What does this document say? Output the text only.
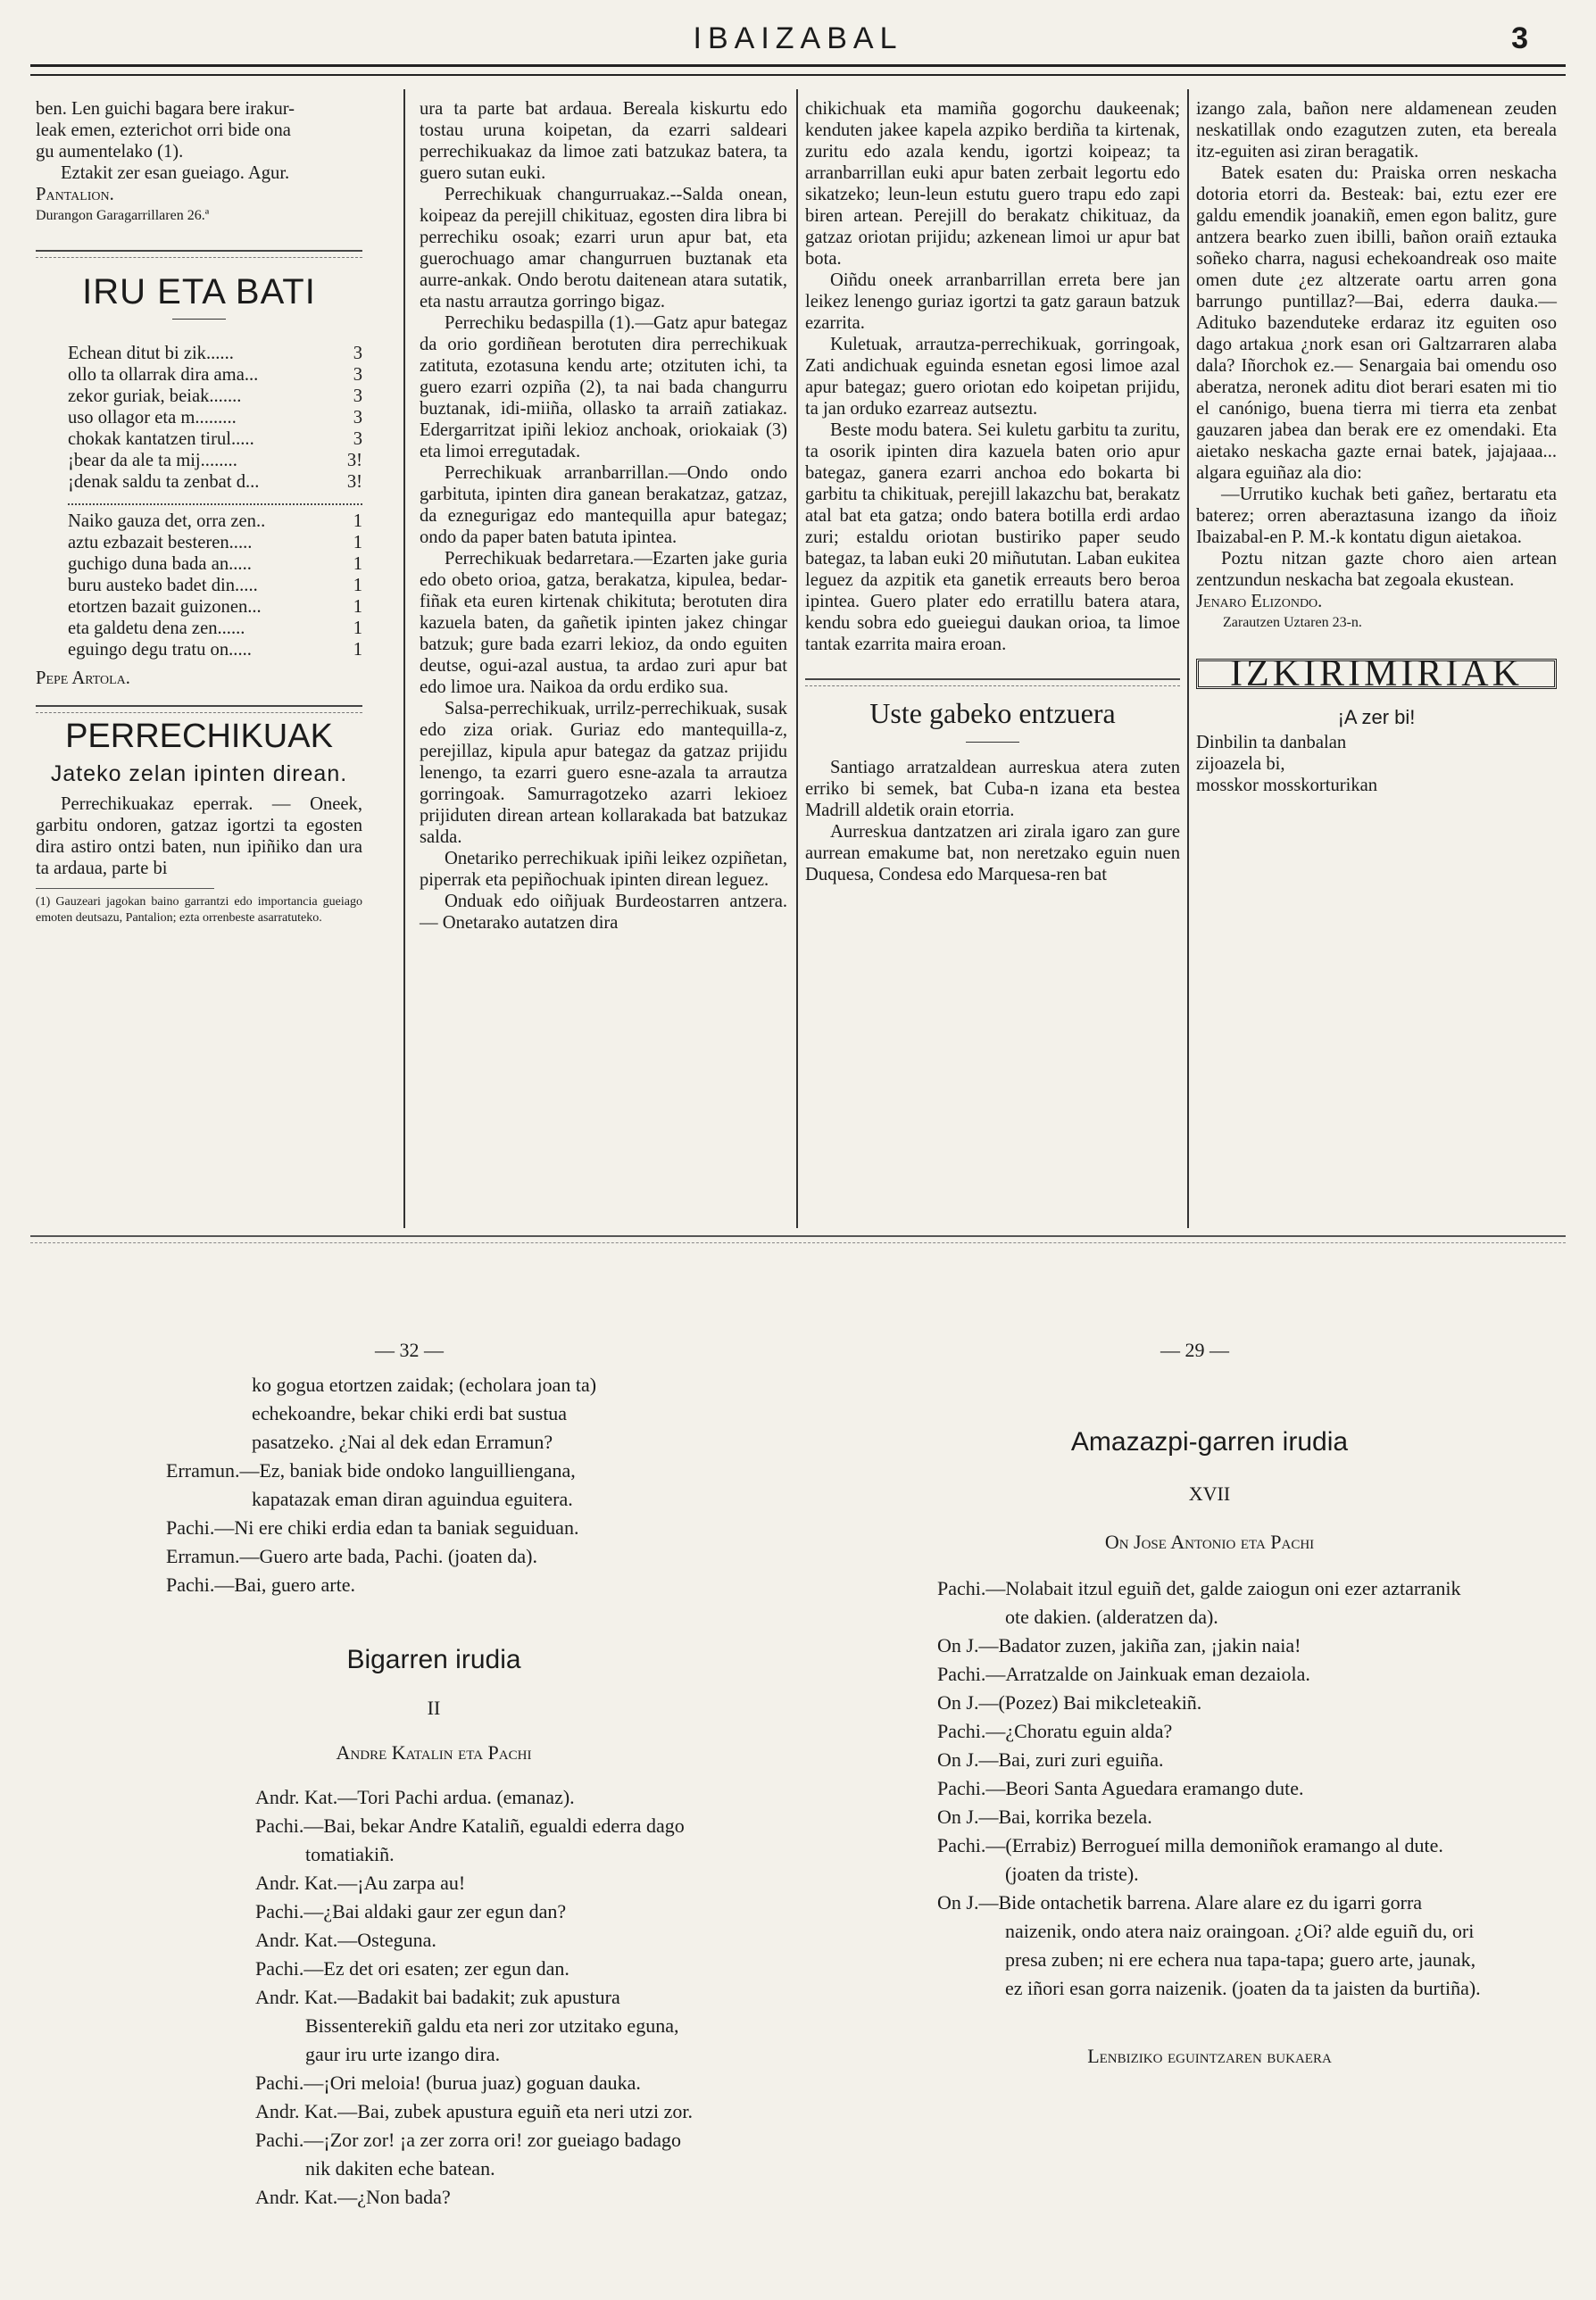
IBAIZABAL	3

ben. Len guichi bagara bere irakur-

leak emen, ezterichot orri bide ona

gu aumentelako (1).

Eztakit zer esan gueiago. Agur.

Pantalion.

Durangon Garagarrillaren 26.ª

IRU ETA BATI
Echean ditut bi zik......	3
ollo ta ollarrak dira ama...	3
zekor guriak, beiak.......	3
uso ollagor eta m.........	3
chokak kantatzen tirul.....	3
¡bear da ale ta mij........	3!
¡denak saldu ta zenbat d...	3!
Naiko gauza det, orra zen..	1
aztu ezbazait besteren.....	1
guchigo duna bada an.....	1
buru austeko badet din.....	1
etortzen bazait guizonen...	1
eta galdetu dena zen......	1
eguingo degu tratu on.....	1

Pepe Artola.

PERRECHIKUAK
Jateko zelan ipinten direan.

Perrechikuakaz eperrak. — Oneek, garbitu ondoren, gatzaz igortzi ta egosten dira astiro ontzi baten, nun ipiñiko dan ura ta ardaua, parte bi

(1) Gauzeari jagokan baino garrantzi edo importancia gueiago emoten deutsazu, Pantalion; ezta orrenbeste asarratuteko.

ura ta parte bat ardaua. Bereala kiskurtu edo tostau uruna koipetan, da ezarri saldeari perrechikuakaz da limoe zati batzukaz batera, ta guero sutan euki.

Perrechikuak changurruakaz.--Salda onean, koipeaz da perejill chikituaz, egosten dira libra bi perrechiku osoak; ezarri urun apur bat, eta guerochuago amar changurruen buztanak eta aurre-ankak. Ondo berotu daitenean atara sutatik, eta nastu arrautza gorringo bigaz.

Perrechiku bedaspilla (1).—Gatz apur bategaz da orio gordiñean berotuten dira perrechikuak zatituta, ezotasuna kendu arte; otzituten ichi, ta guero ezarri ozpiña (2), ta nai bada changurru buztanak, idi-miiña, ollasko ta arraiñ zatiakaz. Edergarritzat ipiñi lekioz anchoak, oriokaiak (3) eta limoi erregutadak.

Perrechikuak arranbarrillan.—Ondo ondo garbituta, ipinten dira ganean berakatzaz, gatzaz, da eznegurigaz edo mantequilla apur bategaz; ondo da paper baten batuta ipintea.

Perrechikuak bedarretara.—Ezarten jake guria edo obeto orioa, gatza, berakatza, kipulea, bedar-fiñak eta euren kirtenak chikituta; berotuten dira kazuela baten, da gañetik ipinten jakez chingar batzuk; gure bada ezarri lekioz, da ondo eguiten deutse, ogui-azal austua, ta ardao zuri apur bat edo limoe ura. Naikoa da ordu erdiko sua.

Salsa-perrechikuak, urrilz-perrechikuak, susak edo ziza oriak. Guriaz edo mantequilla-z, perejillaz, kipula apur bategaz da gatzaz prijidu lenengo, ta ezarri guero esne-azala ta arrautza gorringoak. Samurragotzeko azarri lekioez prijiduten direan artean kollarakada bat batzukaz salda.

Onetariko perrechikuak ipiñi leikez ozpiñetan, piperrak eta pepiñochuak ipinten direan leguez.

Onduak edo oiñjuak Burdeostarren antzera. — Onetarako autatzen dira

chikichuak eta mamiña gogorchu daukeenak; kenduten jakee kapela azpiko berdiña ta kirtenak, zuritu edo azala kendu, igortzi koipeaz; ta arranbarrillan euki apur baten zerbait legortu edo sikatzeko; leun-leun estutu guero trapu edo zapi biren artean. Perejill do berakatz chikituaz, da gatzaz oriotan prijidu; azkenean limoi ur apur bat bota.

Oiñdu oneek arranbarrillan erreta bere jan leikez lenengo guriaz igortzi ta gatz garaun batzuk ezarrita.

Kuletuak, arrautza-perrechikuak, gorringoak, Zati andichuak eguinda esnetan egosi limoe azal apur bategaz; guero oriotan edo koipetan prijidu, ta jan orduko ezarreaz autseztu.

Beste modu batera. Sei kuletu garbitu ta zuritu, ta osorik ipinten dira kazuela baten orio apur bategaz, ganera ezarri anchoa edo bokarta bi garbitu ta chikituak, perejill lakazchu bat, berakatz atal bat eta gatza; ondo batera botilla erdi ardao zuri; estaldu oriotan bustiriko paper seudo bategaz, ta laban euki 20 miñututan. Laban eukitea leguez da azpitik eta ganetik erreauts bero beroa ipintea. Guero plater edo erratillu batera atara, kendu sobra edo gueiegui daukan orioa, ta limoe tantak ezarrita maira eroan.

Uste gabeko entzuera

Santiago arratzaldean aurreskua atera zuten erriko bi semek, bat Cuba-n izana eta bestea Madrill aldetik orain etorria.

Aurreskua dantzatzen ari zirala igaro zan gure aurrean emakume bat, non neretzako eguin nuen Duquesa, Condesa edo Marquesa-ren bat

izango zala, bañon nere aldamenean zeuden neskatillak ondo ezagutzen zuten, eta bereala itz-eguiten asi ziran beragatik.

Batek esaten du: Praiska orren neskacha dotoria etorri da. Besteak: bai, eztu ezer ere galdu emendik joanakiñ, emen egon balitz, gure antzera bearko zuen ibilli, bañon oraiñ eztauka soñeko charra, nagusi echekoandreak oso maite omen dute ¿ez altzerate oartu arren gona barrungo puntillaz?—Bai, ederra dauka.—Adituko bazenduteke erdaraz itz eguiten oso dago artakua ¿nork esan ori Galtzarraren alaba dala? Iñorchok ez.— Senargaia bai omendu oso aberatza, neronek aditu diot berari esaten mi tio el canónigo, buena tierra mi tierra eta zenbat gauzaren jabea dan berak ere ez omendaki. Eta aietako neskacha gazte ernai batek, jajajaaa... algara eguiñaz ala dio:

—Urrutiko kuchak beti gañez, bertaratu eta baterez; orren aberaztasuna izango da iñoiz Ibaizabal-en P. M.-k kontatu digun aietakoa.

Poztu nitzan gazte choro aien artean zentzundun neskacha bat zegoala ekustean.

Jenaro Elizondo.

Zarautzen Uztaren 23-n.

IZKIRIMIRIAK
¡A zer bi!

Dinbilin ta danbalan

zijoazela bi,

mosskor mosskorturikan

— 32 —

ko gogua etortzen zaidak; (echolara joan ta)

echekoandre, bekar chiki erdi bat sustua

pasatzeko. ¿Nai al dek edan Erramun?

Erramun.—Ez, baniak bide ondoko languilliengana,

kapatazak eman diran aguindua eguitera.

Pachi.—Ni ere chiki erdia edan ta baniak seguiduan.

Erramun.—Guero arte bada, Pachi. (joaten da).

Pachi.—Bai, guero arte.

Bigarren irudia

II

Andre Katalin eta Pachi

Andr. Kat.—Tori Pachi ardua. (emanaz).

Pachi.—Bai, bekar Andre Kataliñ, egualdi ederra dago tomatiakiñ.

Andr. Kat.—¡Au zarpa au!

Pachi.—¿Bai aldaki gaur zer egun dan?

Andr. Kat.—Osteguna.

Pachi.—Ez det ori esaten; zer egun dan.

Andr. Kat.—Badakit bai badakit; zuk apustura Bissenterekiñ galdu eta neri zor utzitako eguna, gaur iru urte izango dira.

Pachi.—¡Ori meloia! (burua juaz) goguan dauka.

Andr. Kat.—Bai, zubek apustura eguiñ eta neri utzi zor.

Pachi.—¡Zor zor! ¡a zer zorra ori! zor gueiago badago nik dakiten eche batean.

Andr. Kat.—¿Non bada?

— 29 —

Amazazpi-garren irudia

XVII

On Jose Antonio eta Pachi

Pachi.—Nolabait itzul eguiñ det, galde zaiogun oni ezer aztarranik ote dakien. (alderatzen da).

On J.—Badator zuzen, jakiña zan, ¡jakin naia!

Pachi.—Arratzalde on Jainkuak eman dezaiola.

On J.—(Pozez) Bai mikcleteakiñ.

Pachi.—¿Choratu eguin alda?

On J.—Bai, zuri zuri eguiña.

Pachi.—Beori Santa Aguedara eramango dute.

On J.—Bai, korrika bezela.

Pachi.—(Errabiz) Berrogueí milla demoniñok eramango al dute. (joaten da triste).

On J.—Bide ontachetik barrena. Alare alare ez du igarri gorra naizenik, ondo atera naiz oraingoan. ¿Oi? alde eguiñ du, ori presa zuben; ni ere echera nua tapa-tapa; guero arte, jaunak, ez iñori esan gorra naizenik. (joaten da ta jaisten da burtiña).

Lenbiziko eguintzaren bukaera
